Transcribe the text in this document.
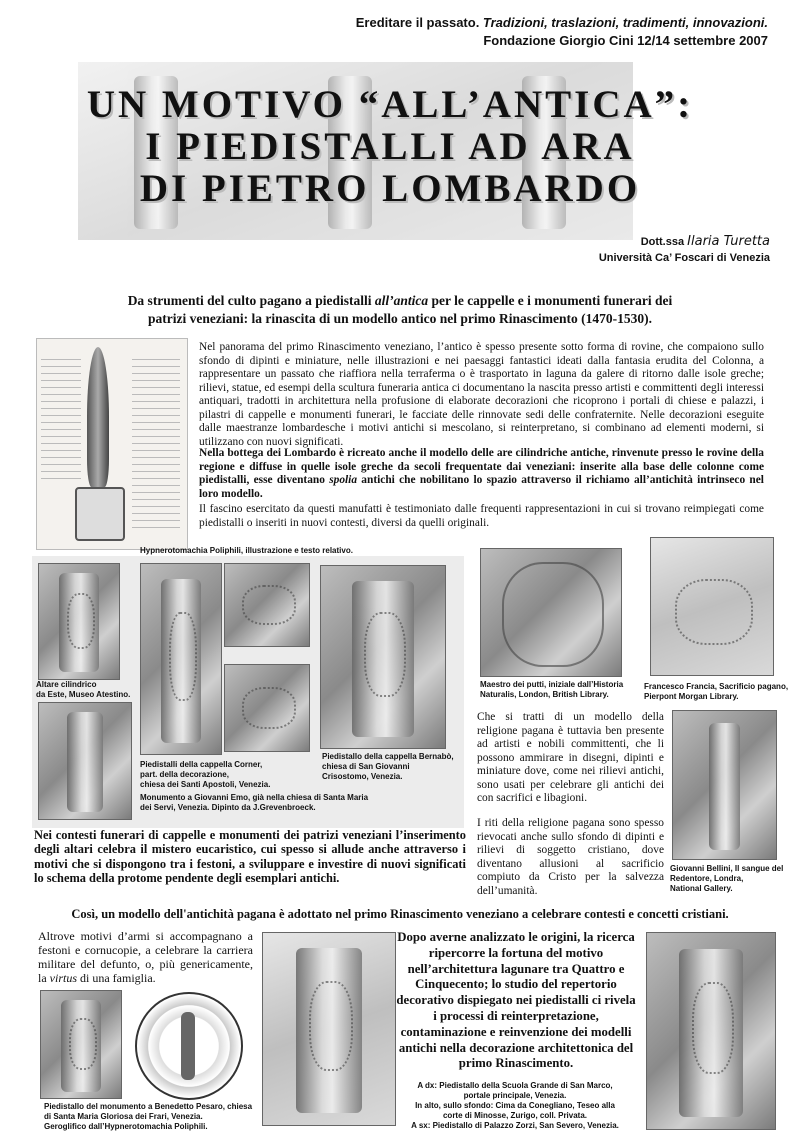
Ereditare il passato. Tradizioni, traslazioni, tradimenti, innovazioni.
Fondazione Giorgio Cini 12/14 settembre 2007
UN MOTIVO “ALL’ANTICA”:
I PIEDISTALLI AD ARA
DI PIETRO LOMBARDO
Dott.ssa Ilaria Turetta
Università Ca’ Foscari di Venezia
Da strumenti del culto pagano a piedistalli all’antica per le cappelle e i monumenti funerari dei
patrizi veneziani: la rinascita di un modello antico nel primo Rinascimento (1470-1530).
Nel panorama del primo Rinascimento veneziano, l’antico è spesso presente sotto forma di rovine, che compaiono sullo sfondo di dipinti e miniature, nelle illustrazioni e nei paesaggi fantastici ideati dalla fantasia erudita del Colonna, a rappresentare un passato che riaffiora nella terraferma o è trasportato in laguna da galere di ritorno dalle isole greche; rilievi, statue, ed esempi della scultura funeraria antica ci documentano la nascita presso artisti e committenti degli interessi antiquari, tradotti in architettura nella profusione di elaborate decorazioni che ricoprono i portali di chiese e palazzi, i pilastri di cappelle e monumenti funerari, le facciate delle rinnovate sedi delle confraternite. Nelle decorazioni eseguite dalle maestranze lombardesche i motivi antichi si mescolano, si reinterpretano, si combinano ad elementi moderni, si utilizzano con nuovi significati.
Nella bottega dei Lombardo è ricreato anche il modello delle are cilindriche antiche, rinvenute presso le rovine della regione e diffuse in quelle isole greche da secoli frequentate dai veneziani: inserite alla base delle colonne come piedistalli, esse diventano spolia antichi che nobilitano lo spazio attraverso il richiamo all’antichità intrinseco nel loro modello.
Il fascino esercitato da questi manufatti è testimoniato dalle frequenti rappresentazioni in cui si trovano reimpiegati come piedistalli o inseriti in nuovi contesti, diversi da quelli originali.
Hypnerotomachia Poliphili, illustrazione e testo relativo.
Altare cilindrico
da Este, Museo Atestino.
Piedistalli della cappella Corner,
part. della decorazione,
chiesa dei Santi Apostoli, Venezia.
Monumento a Giovanni Emo, già nella chiesa di Santa Maria
dei Servi, Venezia. Dipinto da J.Grevenbroeck.
Piedistallo della cappella Bernabò,
chiesa di San Giovanni
Crisostomo, Venezia.
Maestro dei putti, iniziale dall’Historia
Naturalis, London, British Library.
Francesco Francia, Sacrificio pagano,
Pierpont Morgan Library.
Che si tratti di un modello della religione pagana è tuttavia ben presente ad artisti e nobili committenti, che li possono ammirare in disegni, dipinti e miniature dove, come nei rilievi antichi, sono usati per celebrare gli antichi dei con sacrifici e libagioni.
I riti della religione pagana sono spesso rievocati anche sullo sfondo di dipinti e rilievi di soggetto cristiano, dove diventano allusioni al sacrificio compiuto da Cristo per la salvezza dell’umanità.
Giovanni Bellini, Il sangue del
Redentore, Londra,
National Gallery.
Nei contesti funerari di cappelle e monumenti dei patrizi veneziani l’inserimento degli altari celebra il mistero eucaristico, cui spesso si allude anche attraverso i motivi che si dispongono tra i festoni, a sviluppare e investire di nuovi significati lo schema della protome pendente degli esemplari antichi.
Così, un modello dell'antichità pagana è adottato nel primo Rinascimento veneziano a celebrare contesti e concetti cristiani.
Altrove motivi d’armi si accompagnano a festoni e cornucopie, a celebrare la carriera militare del defunto, o, più genericamente, la virtus di una famiglia.
Piedistallo del monumento a Benedetto Pesaro, chiesa
di Santa Maria Gloriosa dei Frari, Venezia.
Geroglifico dall’Hypnerotomachia Poliphili.
Dopo averne analizzato le origini, la ricerca ripercorre la fortuna del motivo nell’architettura lagunare tra Quattro e Cinquecento; lo studio del repertorio decorativo dispiegato nei piedistalli ci rivela i processi di reinterpretazione, contaminazione e reinvenzione dei modelli antichi nella decorazione architettonica del primo Rinascimento.
A dx: Piedistallo della Scuola Grande di San Marco,
portale principale, Venezia.
In alto, sullo sfondo: Cima da Conegliano, Teseo alla
corte di Minosse, Zurigo, coll. Privata.
A sx: Piedistallo di Palazzo Zorzi, San Severo, Venezia.
